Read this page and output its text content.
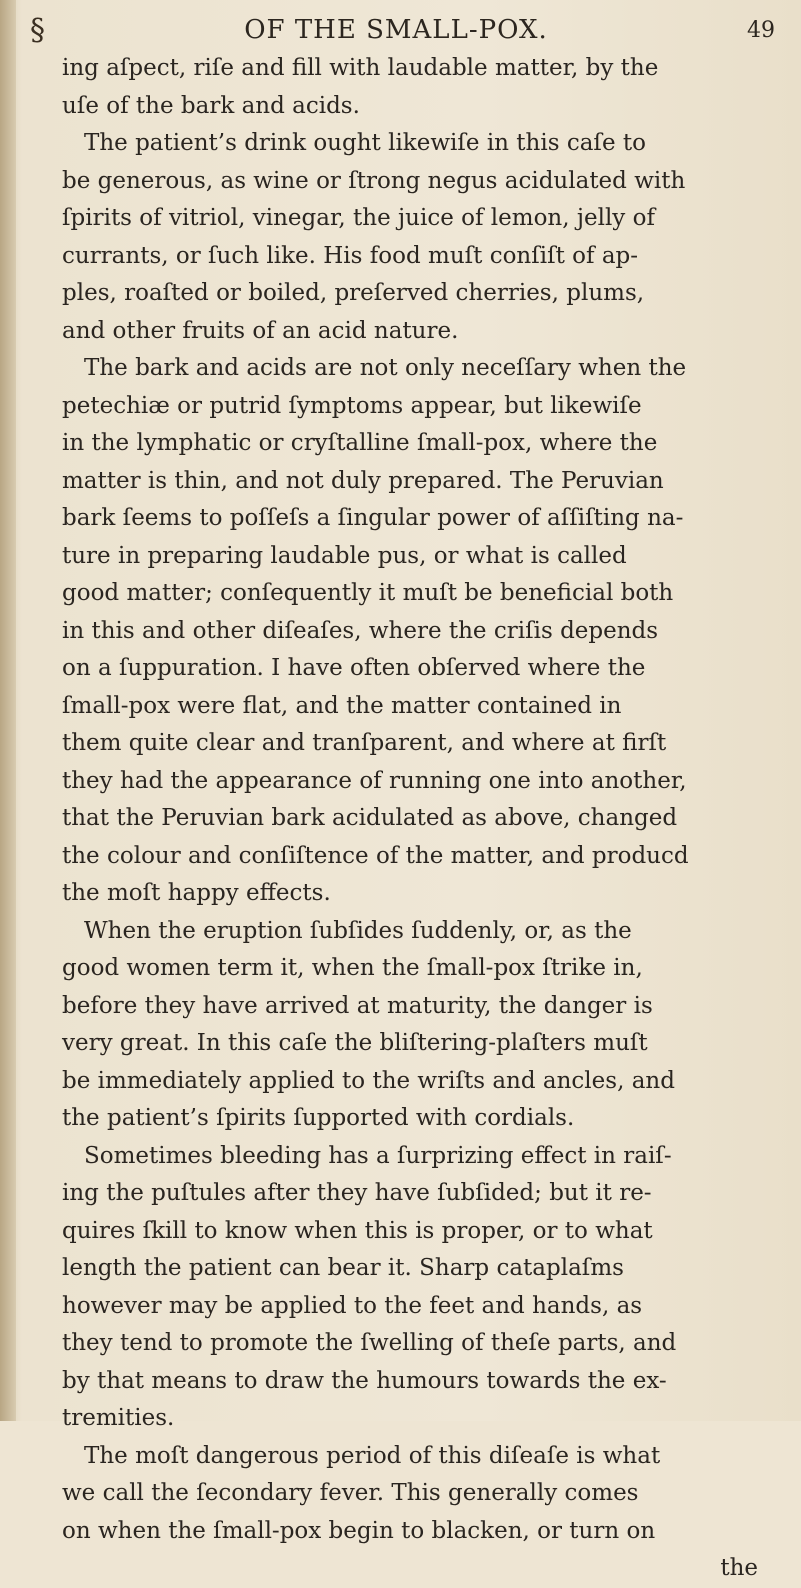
§	OF THE SMALL-POX.	49
ing aſpect, riſe and fill with laudable matter, by the
uſe of the bark and acids.
The patient’s drink ought likewiſe in this caſe to
be generous, as wine or ſtrong negus acidulated with
ſpirits of vitriol, vinegar, the juice of lemon, jelly of
currants, or ſuch like. His food muſt conſiſt of ap-
ples, roaſted or boiled, preſerved cherries, plums,
and other fruits of an acid nature.
The bark and acids are not only neceſſary when the
petechiæ or putrid ſymptoms appear, but likewiſe
in the lymphatic or cryſtalline ſmall-pox, where the
matter is thin, and not duly prepared. The Peruvian
bark ſeems to poſſeſs a ſingular power of aſſiſting na-
ture in preparing laudable pus, or what is called
good matter; conſequently it muſt be beneficial both
in this and other diſeaſes, where the criſis depends
on a ſuppuration. I have often obſerved where the
ſmall-pox were flat, and the matter contained in
them quite clear and tranſparent, and where at firſt
they had the appearance of running one into another,
that the Peruvian bark acidulated as above, changed
the colour and conſiſtence of the matter, and producd
the moſt happy effects.
When the eruption ſubſides ſuddenly, or, as the
good women term it, when the ſmall-pox ſtrike in,
before they have arrived at maturity, the danger is
very great. In this caſe the bliſtering-plaſters muſt
be immediately applied to the wriſts and ancles, and
the patient’s ſpirits ſupported with cordials.
Sometimes bleeding has a ſurprizing effect in raiſ-
ing the puſtules after they have ſubſided; but it re-
quires ſkill to know when this is proper, or to what
length the patient can bear it. Sharp cataplaſms
however may be applied to the feet and hands, as
they tend to promote the ſwelling of theſe parts, and
by that means to draw the humours towards the ex-
tremities.
The moſt dangerous period of this diſeaſe is what
we call the ſecondary fever. This generally comes
on when the ſmall-pox begin to blacken, or turn on
the
